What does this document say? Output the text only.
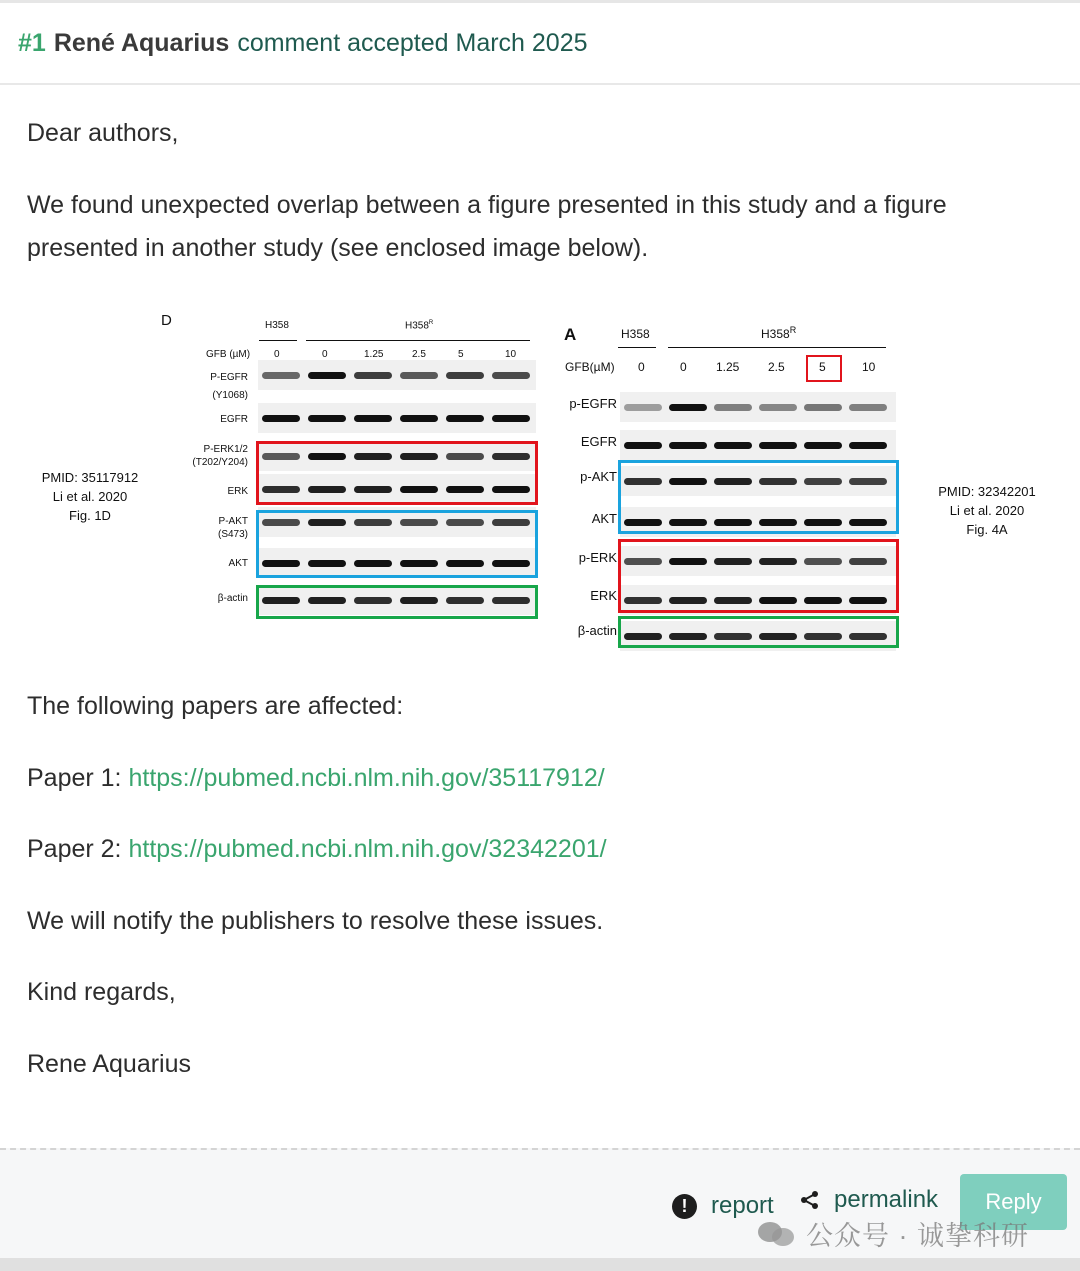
#1 René Aquarius comment accepted March 2025

Dear authors,

We found unexpected overlap between a figure presented in this study and a figure presented in another study (see enclosed image below).

The following papers are affected:

Paper 1: https://pubmed.ncbi.nlm.nih.gov/35117912/

Paper 2: https://pubmed.ncbi.nlm.nih.gov/32342201/

We will notify the publishers to resolve these issues.

Kind regards,

Rene Aquarius

PMID: 35117912
Li et al. 2020
Fig. 1D
D	H358	$H358^R$
GFB (µM) 0	0	1.25	2.5	5	10
P-EGFR
(Y1068)
EGFR
P-ERK1/2
(T202/Y204)
ERK
P-AKT
(S473)
AKT
β-actin
A	H358	$H358^R$
GFB(µM) 0	0 1.25 2.5	5	10
p-EGFR
EGFR
p-AKT
AKT
p-ERK
ERK
β-actin
PMID: 32342201
Li et al. 2020
Fig. 4A
! report	permalink	Reply
公众号 · 诚挚科研
